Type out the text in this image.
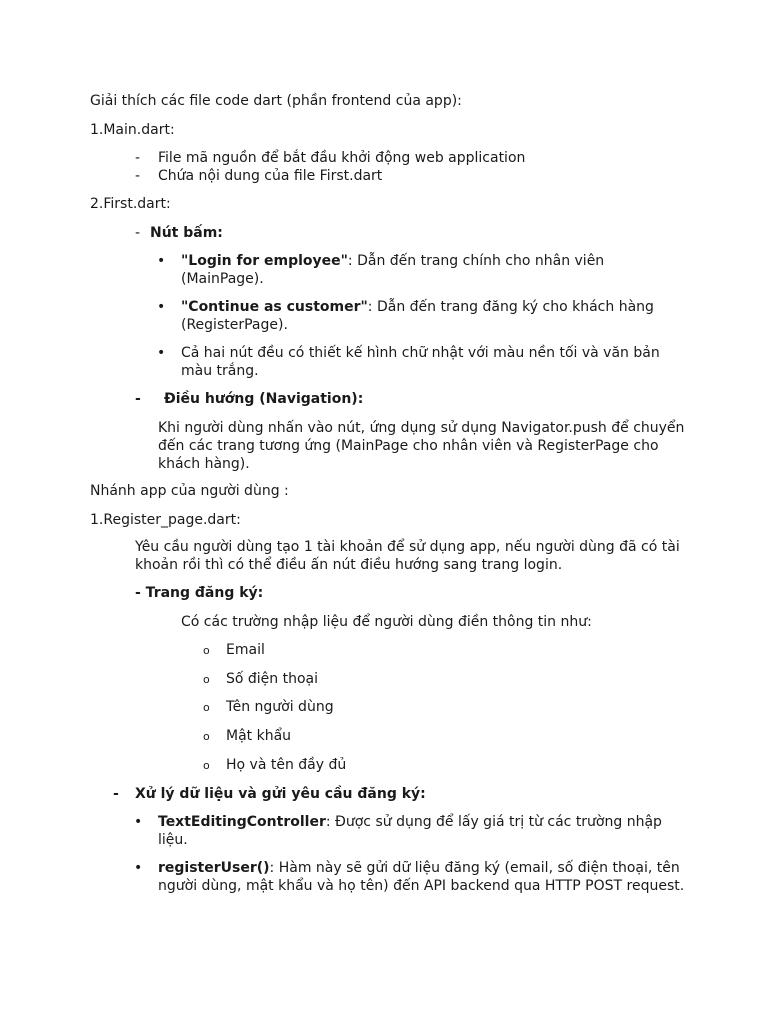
Giải thích các file code dart (phần frontend của app):
1.Main.dart:
- File mã nguồn để bắt đầu khởi động web application
- Chứa nội dung của file First.dart
2.First.dart:
- Nút bấm:
• "Login for employee": Dẫn đến trang chính cho nhân viên
(MainPage).
• "Continue as customer": Dẫn đến trang đăng ký cho khách hàng
(RegisterPage).
• Cả hai nút đều có thiết kế hình chữ nhật với màu nền tối và văn bản
màu trắng.
- Điều hướng (Navigation):
Khi người dùng nhấn vào nút, ứng dụng sử dụng Navigator.push để chuyển
đến các trang tương ứng (MainPage cho nhân viên và RegisterPage cho
khách hàng).
Nhánh app của người dùng :
1.Register_page.dart:
Yêu cầu người dùng tạo 1 tài khoản để sử dụng app, nếu người dùng đã có tài
khoản rồi thì có thể điều ấn nút điều hướng sang trang login.
- Trang đăng ký:
Có các trường nhập liệu để người dùng điền thông tin như:
o Email
o Số điện thoại
o Tên người dùng
o Mật khẩu
o Họ và tên đầy đủ
- Xử lý dữ liệu và gửi yêu cầu đăng ký:
• TextEditingController: Được sử dụng để lấy giá trị từ các trường nhập
liệu.
• registerUser(): Hàm này sẽ gửi dữ liệu đăng ký (email, số điện thoại, tên
người dùng, mật khẩu và họ tên) đến API backend qua HTTP POST request.
